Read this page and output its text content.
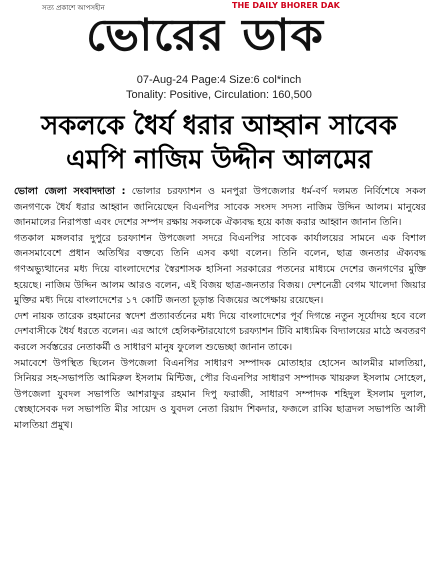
সত্য প্রকাশে আপসহীন	THE DAILY BHORER DAK
ভোরের ডাক
07-Aug-24 Page:4 Size:6 col*inch
Tonality: Positive, Circulation: 160,500
সকলকে ধৈর্য ধরার আহ্বান সাবেক
এমপি নাজিম উদ্দীন আলমের

ভোলা জেলা সংবাদদাতা : ভোলার চরফ্যাশন ও মনপুরা উপজেলার ধর্ম-বর্ণ দলমত নির্বিশেষে সকল জনগণকে ধৈর্য ধরার আহ্বান জানিয়েছেন বিএনপির সাবেক সংসদ সদস্য নাজিম উদ্দিন আলম। মানুষের জানমালের নিরাপত্তা এবং দেশের সম্পদ রক্ষায় সকলকে ঐক্যবদ্ধ হয়ে কাজ করার আহ্বান জানান তিনি।

গতকাল মঙ্গলবার দুপুরে চরফ্যাশন উপজেলা সদরে বিএনপির সাবেক কার্যালয়ের সামনে এক বিশাল জনসমাবেশে প্রধান অতিথির বক্তব্যে তিনি এসব কথা বলেন। তিনি বলেন, ছাত্র জনতার ঐক্যবদ্ধ গণঅভ্যুত্থানের মধ্য দিয়ে বাংলাদেশের স্বৈরশাসক হাসিনা সরকারের পতনের মাধ্যমে দেশের জনগণের মুক্তি হয়েছে। নাজিম উদ্দিন আলম আরও বলেন, এই বিজয় ছাত্র-জনতার বিজয়। দেশনেত্রী বেগম খালেদা জিয়ার মুক্তির মধ্য দিয়ে বাংলাদেশের ১৭ কোটি জনতা চূড়ান্ত বিজয়ের অপেক্ষায় রয়েছেন।

দেশ নায়ক তারেক রহমানের স্বদেশ প্রত্যাবর্তনের মধ্য দিয়ে বাংলাদেশের পূর্ব দিগন্তে নতুন সূর্যোদয় হবে বলে দেশবাসীকে ধৈর্য ধরতে বলেন। এর আগে হেলিকপ্টারযোগে চরফ্যাশন টিবি মাধ্যমিক বিদ্যালয়ের মাঠে অবতরণ করলে সর্বস্তরের নেতাকর্মী ও সাধারণ মানুষ ফুলেল শুভেচ্ছা জানান তাকে।

সমাবেশে উপস্থিত ছিলেন উপজেলা বিএনপির সাধারণ সম্পাদক মোতাহার হোসেন আলমীর মালতিয়া, সিনিয়র সহ-সভাপতি আমিরুল ইসলাম মিন্টিজ, পৌর বিএনপির সাধারণ সম্পাদক খায়রুল ইসলাম সোহেল, উপজেলা যুবদল সভাপতি আশরাফুর রহমান দিপু ফরাজী, সাধারণ সম্পাদক শহিদুল ইসলাম দুলাল, স্বেচ্ছাসেবক দল সভাপতি মীর সায়েদ ও যুবদল নেতা রিয়াদ শিকদার, ফজলে রাব্বি ছাত্রদল সভাপতি আলী মালতিয়া প্রমুখ।
